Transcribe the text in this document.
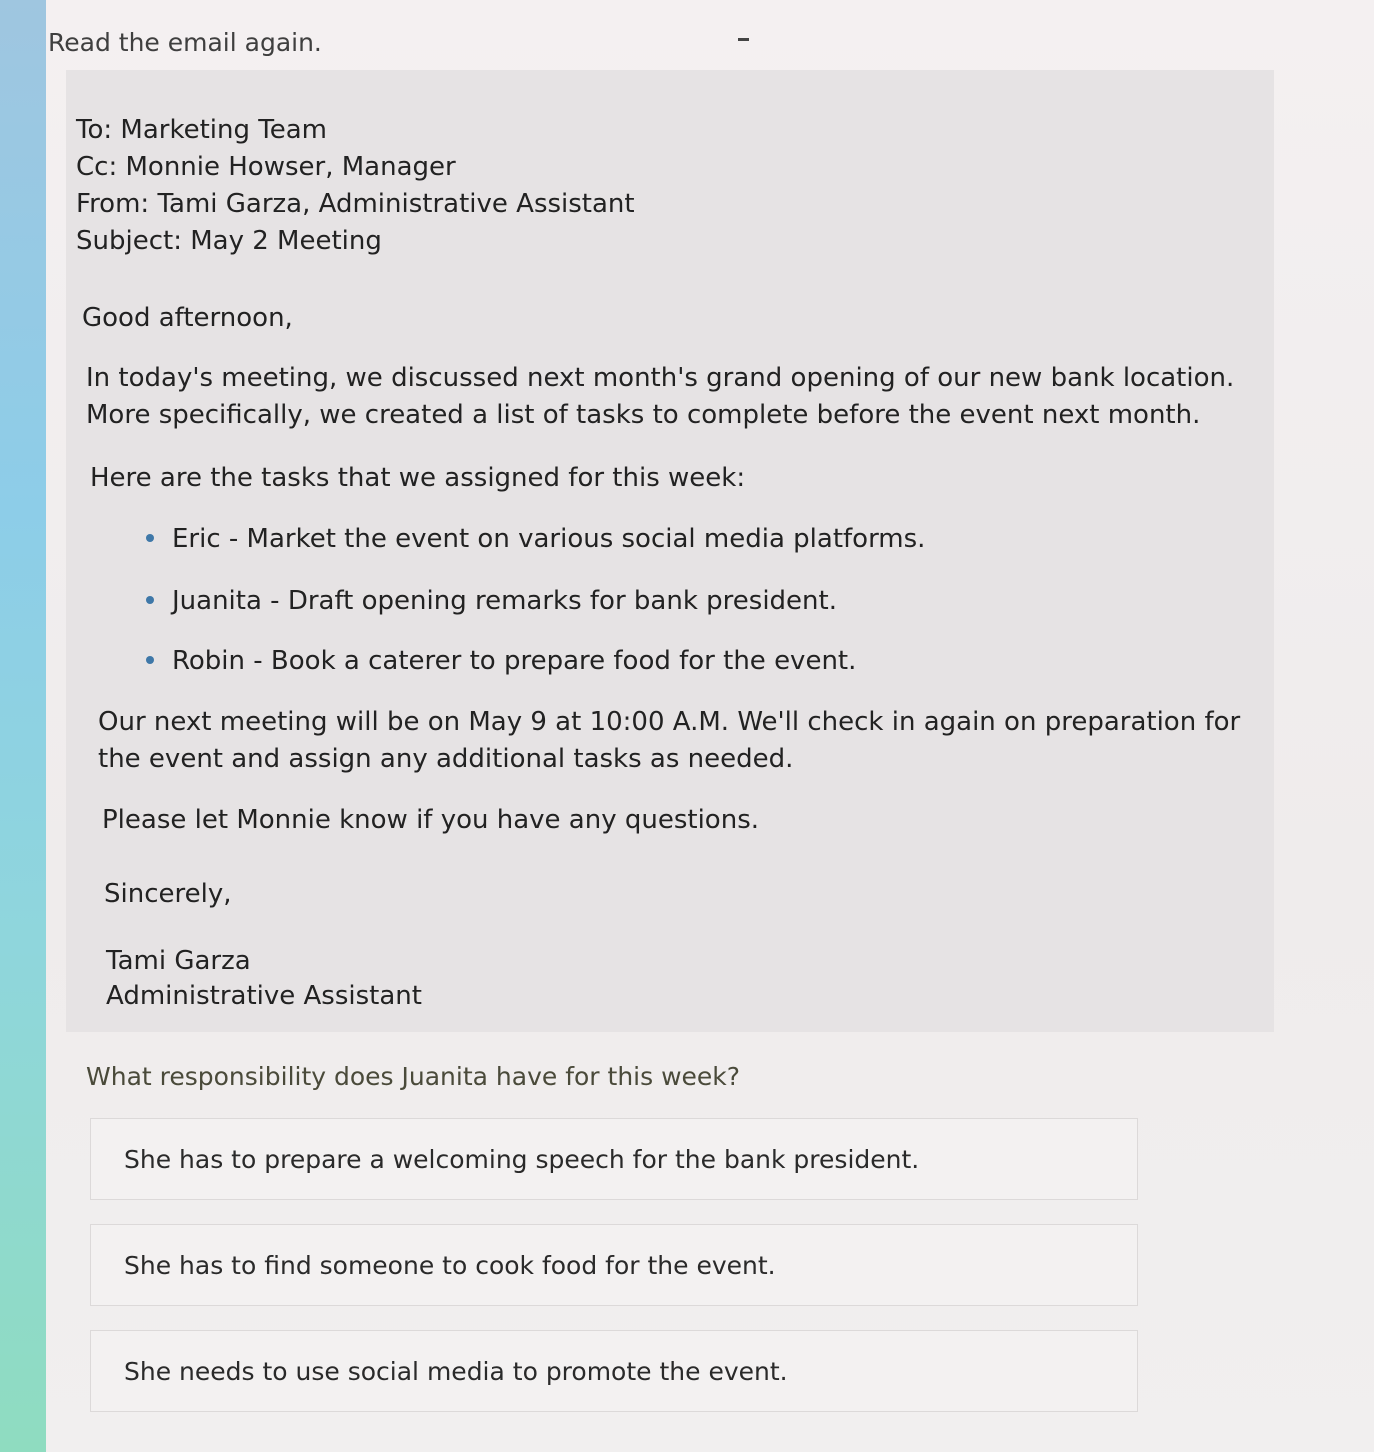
Read the email again.
To: Marketing Team
Cc: Monnie Howser, Manager
From: Tami Garza, Administrative Assistant
Subject: May 2 Meeting
Good afternoon,
In today's meeting, we discussed next month's grand opening of our new bank location.
More specifically, we created a list of tasks to complete before the event next month.
Here are the tasks that we assigned for this week:
Eric - Market the event on various social media platforms.
Juanita - Draft opening remarks for bank president.
Robin - Book a caterer to prepare food for the event.
Our next meeting will be on May 9 at 10:00 A.M. We'll check in again on preparation for
the event and assign any additional tasks as needed.
Please let Monnie know if you have any questions.
Sincerely,
Tami Garza
Administrative Assistant
What responsibility does Juanita have for this week?
She has to prepare a welcoming speech for the bank president.
She has to find someone to cook food for the event.
She needs to use social media to promote the event.
